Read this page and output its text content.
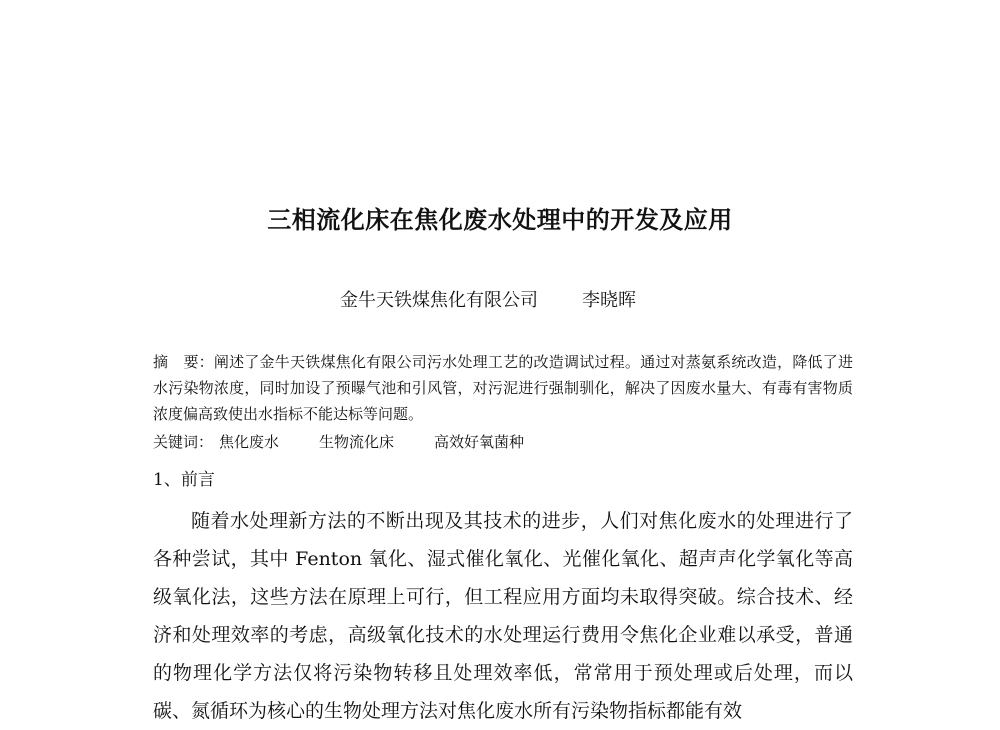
三相流化床在焦化废水处理中的开发及应用
金牛天铁煤焦化有限公司 李晓晖
摘　要：阐述了金牛天铁煤焦化有限公司污水处理工艺的改造调试过程。通过对蒸氨系统改造，降低了进水污染物浓度，同时加设了预曝气池和引风管，对污泥进行强制驯化，解决了因废水量大、有毒有害物质浓度偏高致使出水指标不能达标等问题。
关键词： 焦化废水	生物流化床	高效好氧菌种
1、前言
随着水处理新方法的不断出现及其技术的进步，人们对焦化废水的处理进行了各种尝试，其中 Fenton 氧化、湿式催化氧化、光催化氧化、超声声化学氧化等高级氧化法，这些方法在原理上可行，但工程应用方面均未取得突破。综合技术、经济和处理效率的考虑，高级氧化技术的水处理运行费用令焦化企业难以承受，普通的物理化学方法仅将污染物转移且处理效率低，常常用于预处理或后处理，而以碳、氮循环为核心的生物处理方法对焦化废水所有污染物指标都能有效
